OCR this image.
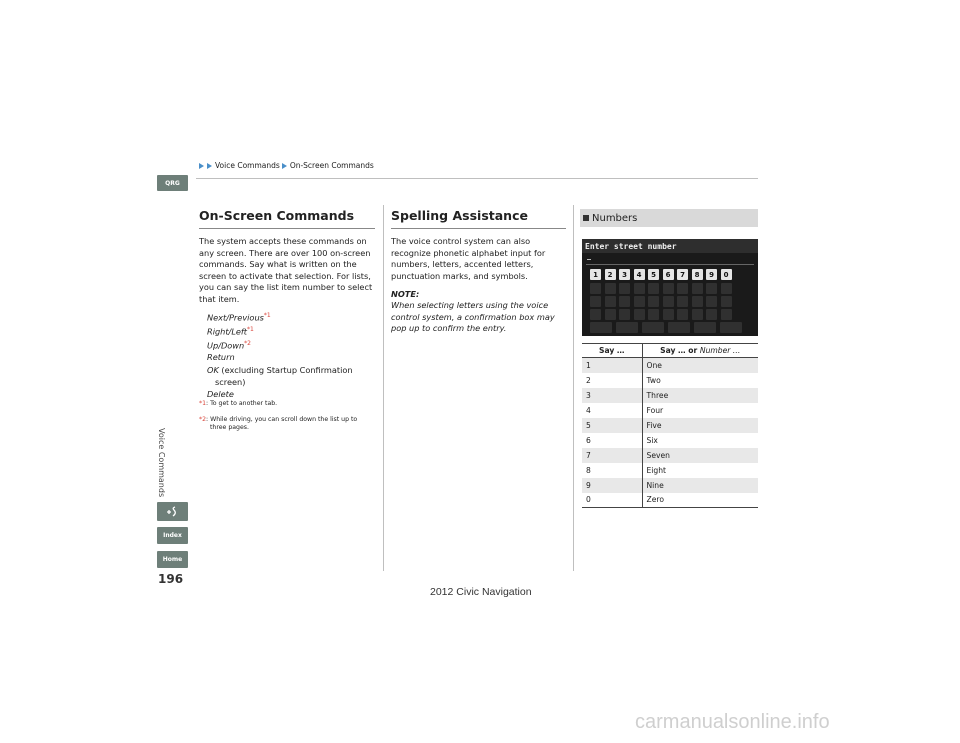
Voice Commands On-Screen Commands
QRG
Voice Commands
Index
Home
196
On-Screen Commands
The system accepts these commands on any screen. There are over 100 on-screen commands. Say what is written on the screen to activate that selection. For lists, you can say the list item number to select that item.
Next/Previous$^{*1}$
Right/Left$^{*1}$
Up/Down$^{*2}$
Return
OK (excluding Startup Confirmation
screen)
Delete
*1: To get to another tab.
*2: While driving, you can scroll down the list up to
three pages.
Spelling Assistance
The voice control system can also recognize phonetic alphabet input for numbers, letters, accented letters, punctuation marks, and symbols.
NOTE:
When selecting letters using the voice control system, a confirmation box may pop up to confirm the entry.
Numbers
Enter street number
1	2	3	4	5	6	7	8	9	0
Say …	Say … or Number …
1	One
2	Two
3	Three
4	Four
5	Five
6	Six
7	Seven
8	Eight
9	Nine
0	Zero
2012 Civic Navigation
carmanualsonline.info
